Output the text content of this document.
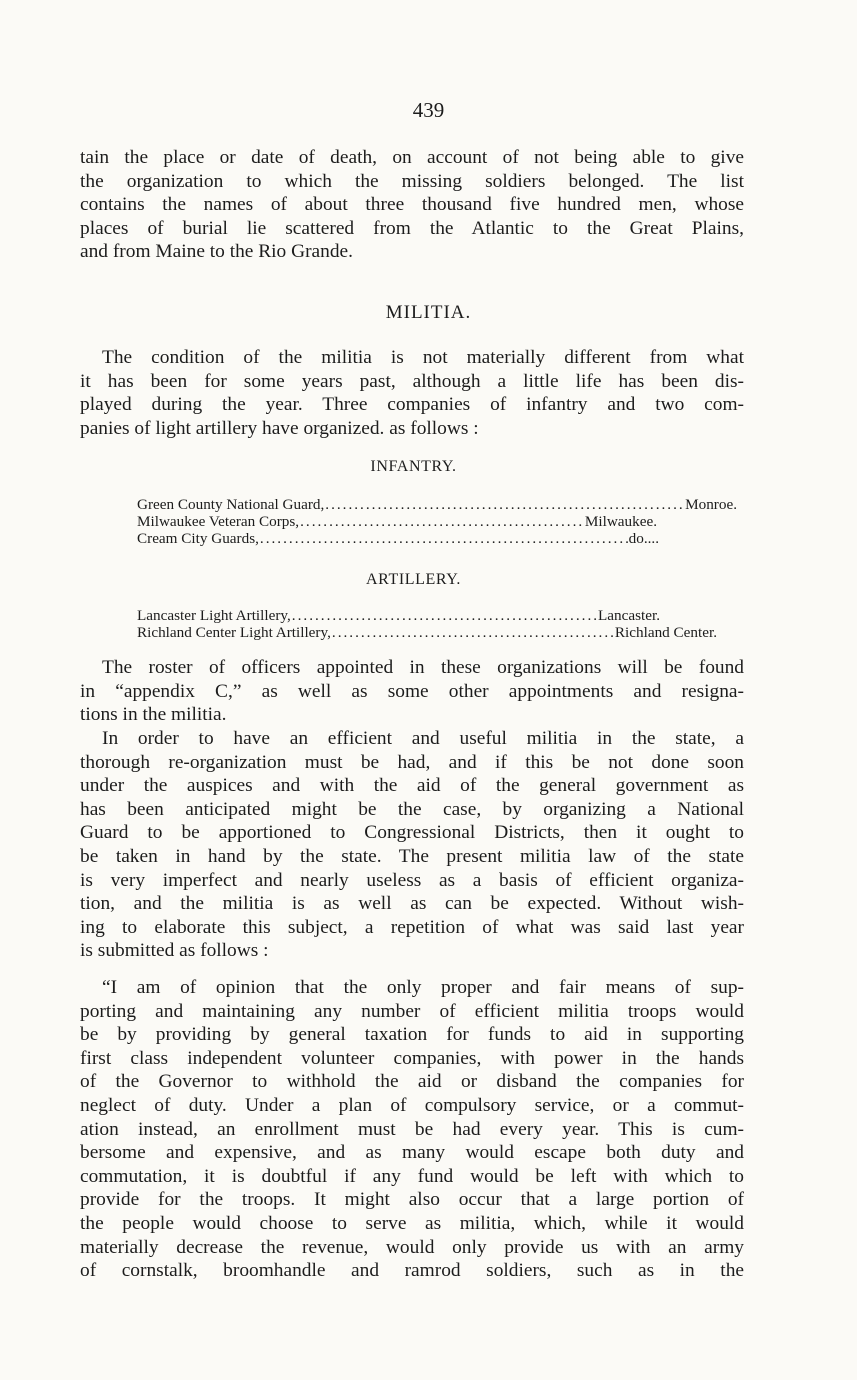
439
tain the place or date of death, on account of not being able to give
the organization to which the missing soldiers belonged. The list
contains the names of about three thousand five hundred men, whose
places of burial lie scattered from the Atlantic to the Great Plains,
and from Maine to the Rio Grande.
MILITIA.
The condition of the militia is not materially different from what
it has been for some years past, although a little life has been dis-
played during the year. Three companies of infantry and two com-
panies of light artillery have organized. as follows :
INFANTRY.
Green County National Guard, .....	Monroe.
Milwaukee Veteran Corps, .....	Milwaukee.
Cream City Guards, .....	do....
ARTILLERY.
Lancaster Light Artillery, .....	Lancaster.
Richland Center Light Artillery, .....	Richland Center.
The roster of officers appointed in these organizations will be found
in “appendix C,” as well as some other appointments and resigna-
tions in the militia.
In order to have an efficient and useful militia in the state, a
thorough re-organization must be had, and if this be not done soon
under the auspices and with the aid of the general government as
has been anticipated might be the case, by organizing a National
Guard to be apportioned to Congressional Districts, then it ought to
be taken in hand by the state. The present militia law of the state
is very imperfect and nearly useless as a basis of efficient organiza-
tion, and the militia is as well as can be expected. Without wish-
ing to elaborate this subject, a repetition of what was said last year
is submitted as follows :
“I am of opinion that the only proper and fair means of sup-
porting and maintaining any number of efficient militia troops would
be by providing by general taxation for funds to aid in supporting
first class independent volunteer companies, with power in the hands
of the Governor to withhold the aid or disband the companies for
neglect of duty. Under a plan of compulsory service, or a commut-
ation instead, an enrollment must be had every year. This is cum-
bersome and expensive, and as many would escape both duty and
commutation, it is doubtful if any fund would be left with which to
provide for the troops. It might also occur that a large portion of
the people would choose to serve as militia, which, while it would
materially decrease the revenue, would only provide us with an army
of cornstalk, broomhandle and ramrod soldiers, such as in the
